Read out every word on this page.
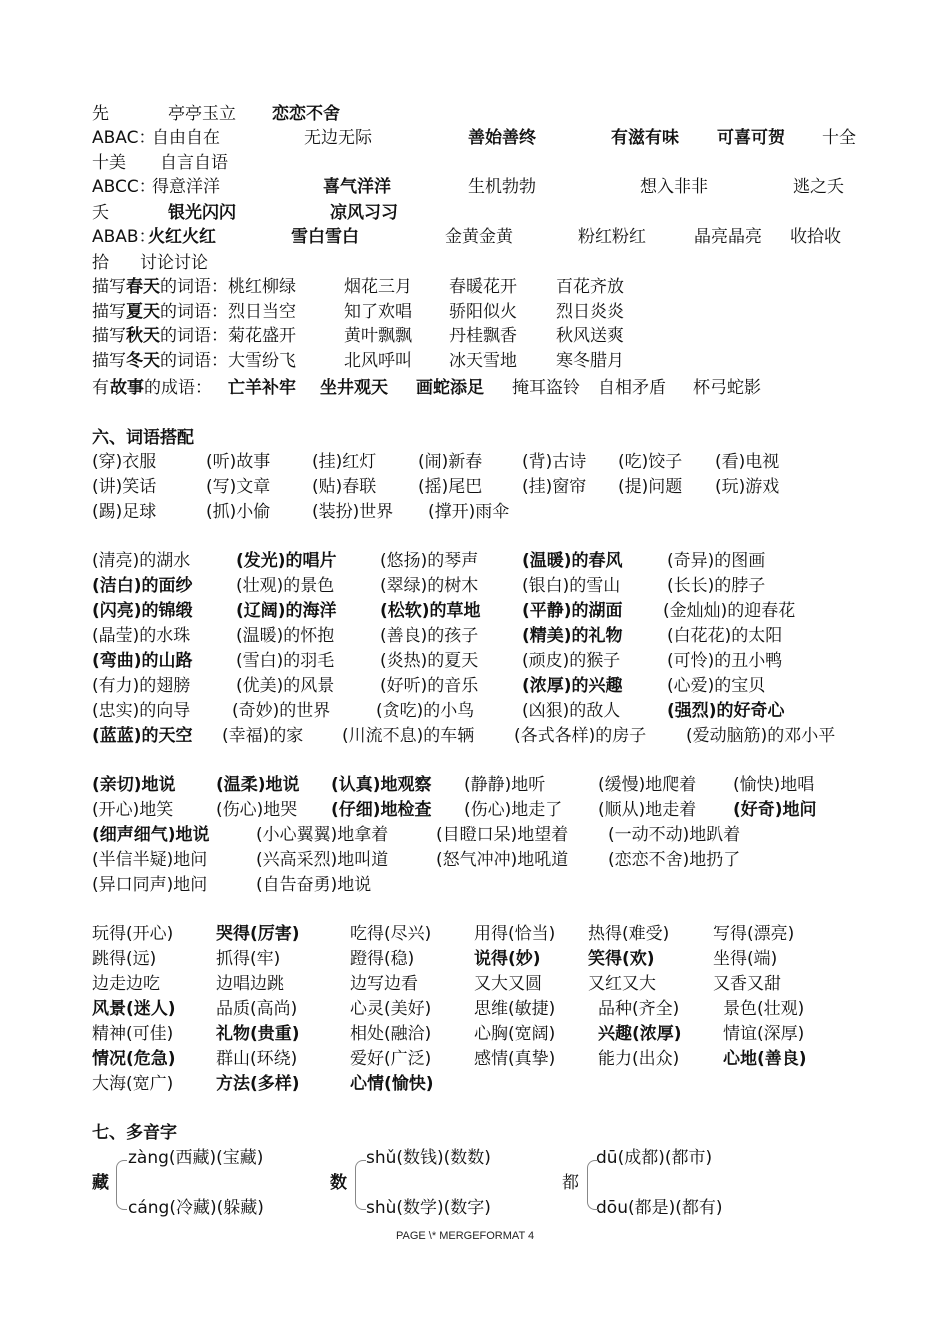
先	亭亭玉立 恋恋不舍
ABAC：
自由自在	无边无际	善始善终	有滋有味 可喜可贺 十全
十美 自言自语
ABCC：
得意洋洋	喜气洋洋	生机勃勃	想入非非	逃之夭
夭	银光闪闪	凉风习习
ABAB：
火红火红	雪白雪白	金黄金黄	粉红粉红	晶亮晶亮 收拾收
拾 讨论讨论
描写 春天 的词语：桃红柳绿	烟花三月 春暖花开 百花齐放
描写 夏天 的词语：烈日当空	知了欢唱 骄阳似火 烈日炎炎
描写 秋天 的词语：菊花盛开	黄叶飘飘 丹桂飘香 秋风送爽
描写 冬天 的词语：大雪纷飞	北风呼叫 冰天雪地 寒冬腊月
有 故事 的成语： 亡羊补牢 坐井观天 画蛇添足 掩耳盗铃 自相矛盾 杯弓蛇影
六、词语搭配
(穿)衣服	(听)故事 (挂)红灯 (闹)新春 (背)古诗 (吃)饺子 (看)电视
(讲)笑话	(写)文章 (贴)春联 (摇)尾巴 (挂)窗帘 (提)问题 (玩)游戏
(踢)足球	(抓)小偷 (装扮)世界 (撑开)雨伞
(清亮)的湖水	(发光)的唱片	(悠扬)的琴声	(温暖)的春风	(奇异)的图画
(洁白)的面纱	(壮观)的景色	(翠绿)的树木	(银白)的雪山	(长长)的脖子
(闪亮)的锦缎	(辽阔)的海洋	(松软)的草地 (平静)的湖面 (金灿灿)的迎春花
(晶莹)的水珠	(温暖)的怀抱	(善良)的孩子	(精美)的礼物	(白花花)的太阳
(弯曲)的山路	(雪白)的羽毛	(炎热)的夏天	(顽皮)的猴子	(可怜)的丑小鸭
(有力)的翅膀	(优美)的风景	(好听)的音乐	(浓厚)的兴趣	(心爱)的宝贝
(忠实)的向导 (奇妙)的世界	(贪吃)的小鸟	(凶狠)的敌人	(强烈)的好奇心
(蓝蓝)的天空 (幸福)的家 (川流不息)的车辆 (各式各样)的房子 (爱动脑筋)的邓小平
(亲切)地说 (温柔)地说 (认真)地观察 (静静)地听	(缓慢)地爬着 (愉快)地唱
(开心)地笑	(伤心)地哭 (仔细)地检查 (伤心)地走了 (顺从)地走着 (好奇)地问
(细声细气)地说	(小心翼翼)地拿着	(目瞪口呆)地望着 (一动不动)地趴着
(半信半疑)地问	(兴高采烈)地叫道	(怒气冲冲)地吼道 (恋恋不舍)地扔了
(异口同声)地问	(自告奋勇)地说
玩得(开心)	哭得(厉害)	吃得(尽兴)	用得(恰当) 热得(难受)	写得(漂亮)
跳得(远)	抓得(牢)	蹬得(稳)	说得(妙)	笑得(欢)	坐得(端)
边走边吃	边唱边跳	边写边看	又大又圆	又红又大	又香又甜
风景(迷人) 品质(高尚)	心灵(美好)	思维(敏捷)	品种(齐全)	景色(壮观)
精神(可佳)	礼物(贵重)	相处(融洽)	心胸(宽阔)	兴趣(浓厚) 情谊(深厚)
情况(危急) 群山(环绕)	爱好(广泛)	感情(真挚)	能力(出众)	心地(善良)
大海(宽广)	方法(多样)	心情(愉快)
七、多音字
zàng(西藏)(宝藏)	shǔ(数钱)(数数)	dū(成都)(都市)
藏	数	都
cáng(冷藏)(躲藏)	shù(数学)(数字)	dōu(都是)(都有)
PAGE \* MERGEFORMAT 4
